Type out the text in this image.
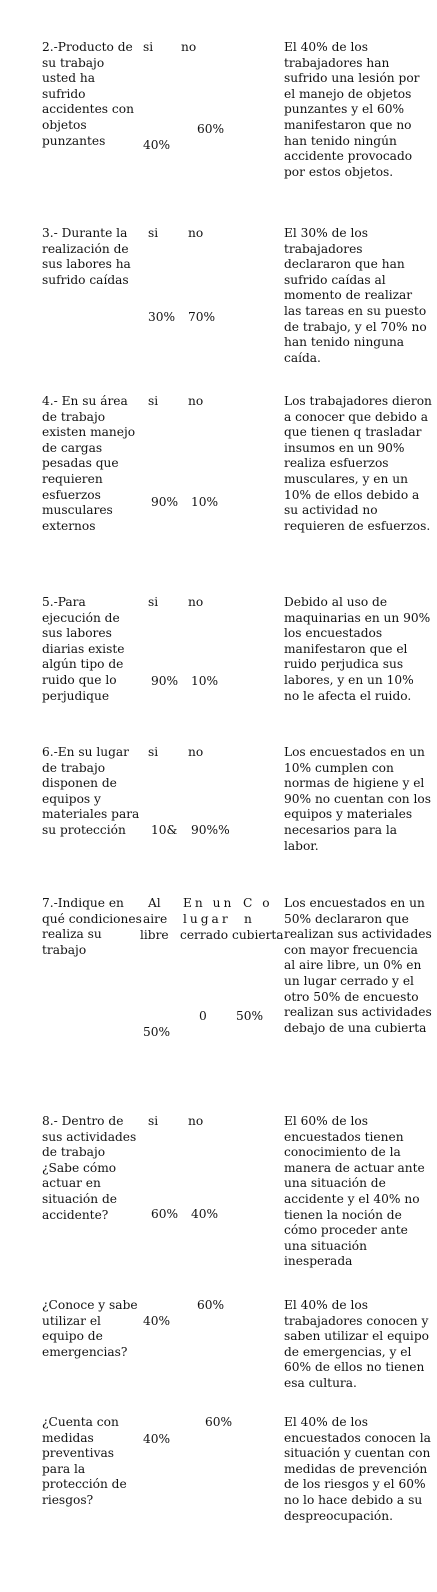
2.-Producto de su trabajo usted ha sufrido accidentes con objetos punzantes
si no
40%
60%
El 40% de los trabajadores han sufrido una lesión por el manejo de objetos punzantes y el 60% manifestaron que no han tenido ningún accidente provocado por estos objetos.
3.- Durante la realización de sus labores ha sufrido caídas
si no
30% 70%
El 30% de los trabajadores declararon que han sufrido caídas al momento de realizar las tareas en su puesto de trabajo, y el 70% no han tenido ninguna caída.
4.- En su área de trabajo existen manejo de cargas pesadas que requieren esfuerzos musculares externos
si no
90% 10%
Los trabajadores dieron a conocer que debido a que tienen q trasladar insumos en un 90% realiza esfuerzos musculares, y en un 10% de ellos debido a su actividad no requieren de esfuerzos.
5.-Para ejecución de sus labores diarias existe algún tipo de ruido que lo perjudique
si no
90% 10%
Debido al uso de maquinarias en un 90% los encuestados manifestaron que el ruido perjudica sus labores, y en un 10% no le afecta el ruido.
6.-En su lugar de trabajo disponen de equipos y materiales para su protección
si no
10& 90%%
Los encuestados en un 10% cumplen con normas de higiene y el 90% no cuentan con los equipos y materiales necesarios para la labor.
7.-Indique en qué condiciones realiza su trabajo
Al
aire
libre
En un
lugar
cerrado
C o
n
cubierta
50%
0 50%
Los encuestados en un 50% declararon que realizan sus actividades con mayor frecuencia al aire libre, un 0% en un lugar cerrado y el otro 50% de encuesto realizan sus actividades debajo de una cubierta
8.- Dentro de sus actividades de trabajo ¿Sabe cómo actuar en situación de accidente?
si no
60% 40%
El 60% de los encuestados tienen conocimiento de la manera de actuar ante una situación de accidente y el 40% no tienen la noción de cómo proceder ante una situación inesperada
¿Conoce y sabe utilizar el equipo de emergencias?
40%
60%	El 40% de los trabajadores conocen y saben utilizar el equipo de emergencias, y el 60% de ellos no tienen esa cultura.
¿Cuenta con medidas preventivas para la protección de riesgos?
40%
60%	El 40% de los encuestados conocen la situación y cuentan con medidas de prevención de los riesgos y el 60% no lo hace debido a su despreocupación.
